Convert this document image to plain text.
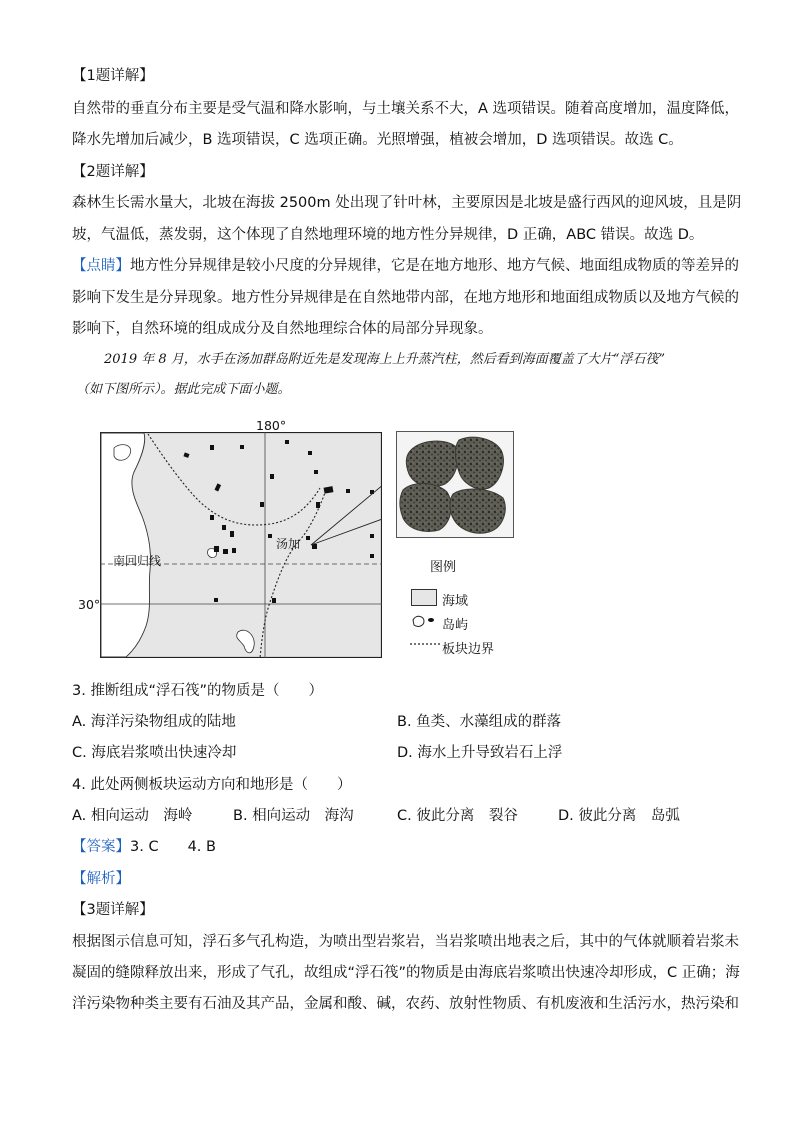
【1题详解】
自然带的垂直分布主要是受气温和降水影响，与土壤关系不大，A 选项错误。随着高度增加，温度降低，
降水先增加后减少，B 选项错误，C 选项正确。光照增强，植被会增加，D 选项错误。故选 C。
【2题详解】
森林生长需水量大，北坡在海拔 2500m 处出现了针叶林，主要原因是北坡是盛行西风的迎风坡，且是阴
坡，气温低，蒸发弱，这个体现了自然地理环境的地方性分异规律，D 正确，ABC 错误。故选 D。
【点睛】地方性分异规律是较小尺度的分异规律，它是在地方地形、地方气候、地面组成物质的等差异的
影响下发生是分异现象。地方性分异规律是在自然地带内部，在地方地形和地面组成物质以及地方气候的
影响下，自然环境的组成成分及自然地理综合体的局部分异现象。
2019 年 8 月，水手在汤加群岛附近先是发现海上上升蒸汽柱，然后看到海面覆盖了大片“浮石筏”
（如下图所示）。据此完成下面小题。
180°
30°
南回归线
汤加
图例
海域
岛屿
板块边界
3. 推断组成“浮石筏”的物质是（　　）
A. 海洋污染物组成的陆地	B. 鱼类、水藻组成的群落
C. 海底岩浆喷出快速冷却	D. 海水上升导致岩石上浮
4. 此处两侧板块运动方向和地形是（　　）
A. 相向运动　海岭	B. 相向运动　海沟	C. 彼此分离　裂谷	D. 彼此分离　岛弧
【答案】3. C　　4. B
【解析】
【3题详解】
根据图示信息可知，浮石多气孔构造，为喷出型岩浆岩，当岩浆喷出地表之后，其中的气体就顺着岩浆未
凝固的缝隙释放出来，形成了气孔，故组成“浮石筏”的物质是由海底岩浆喷出快速冷却形成，C 正确；海
洋污染物种类主要有石油及其产品，金属和酸、碱，农药、放射性物质、有机废液和生活污水，热污染和
